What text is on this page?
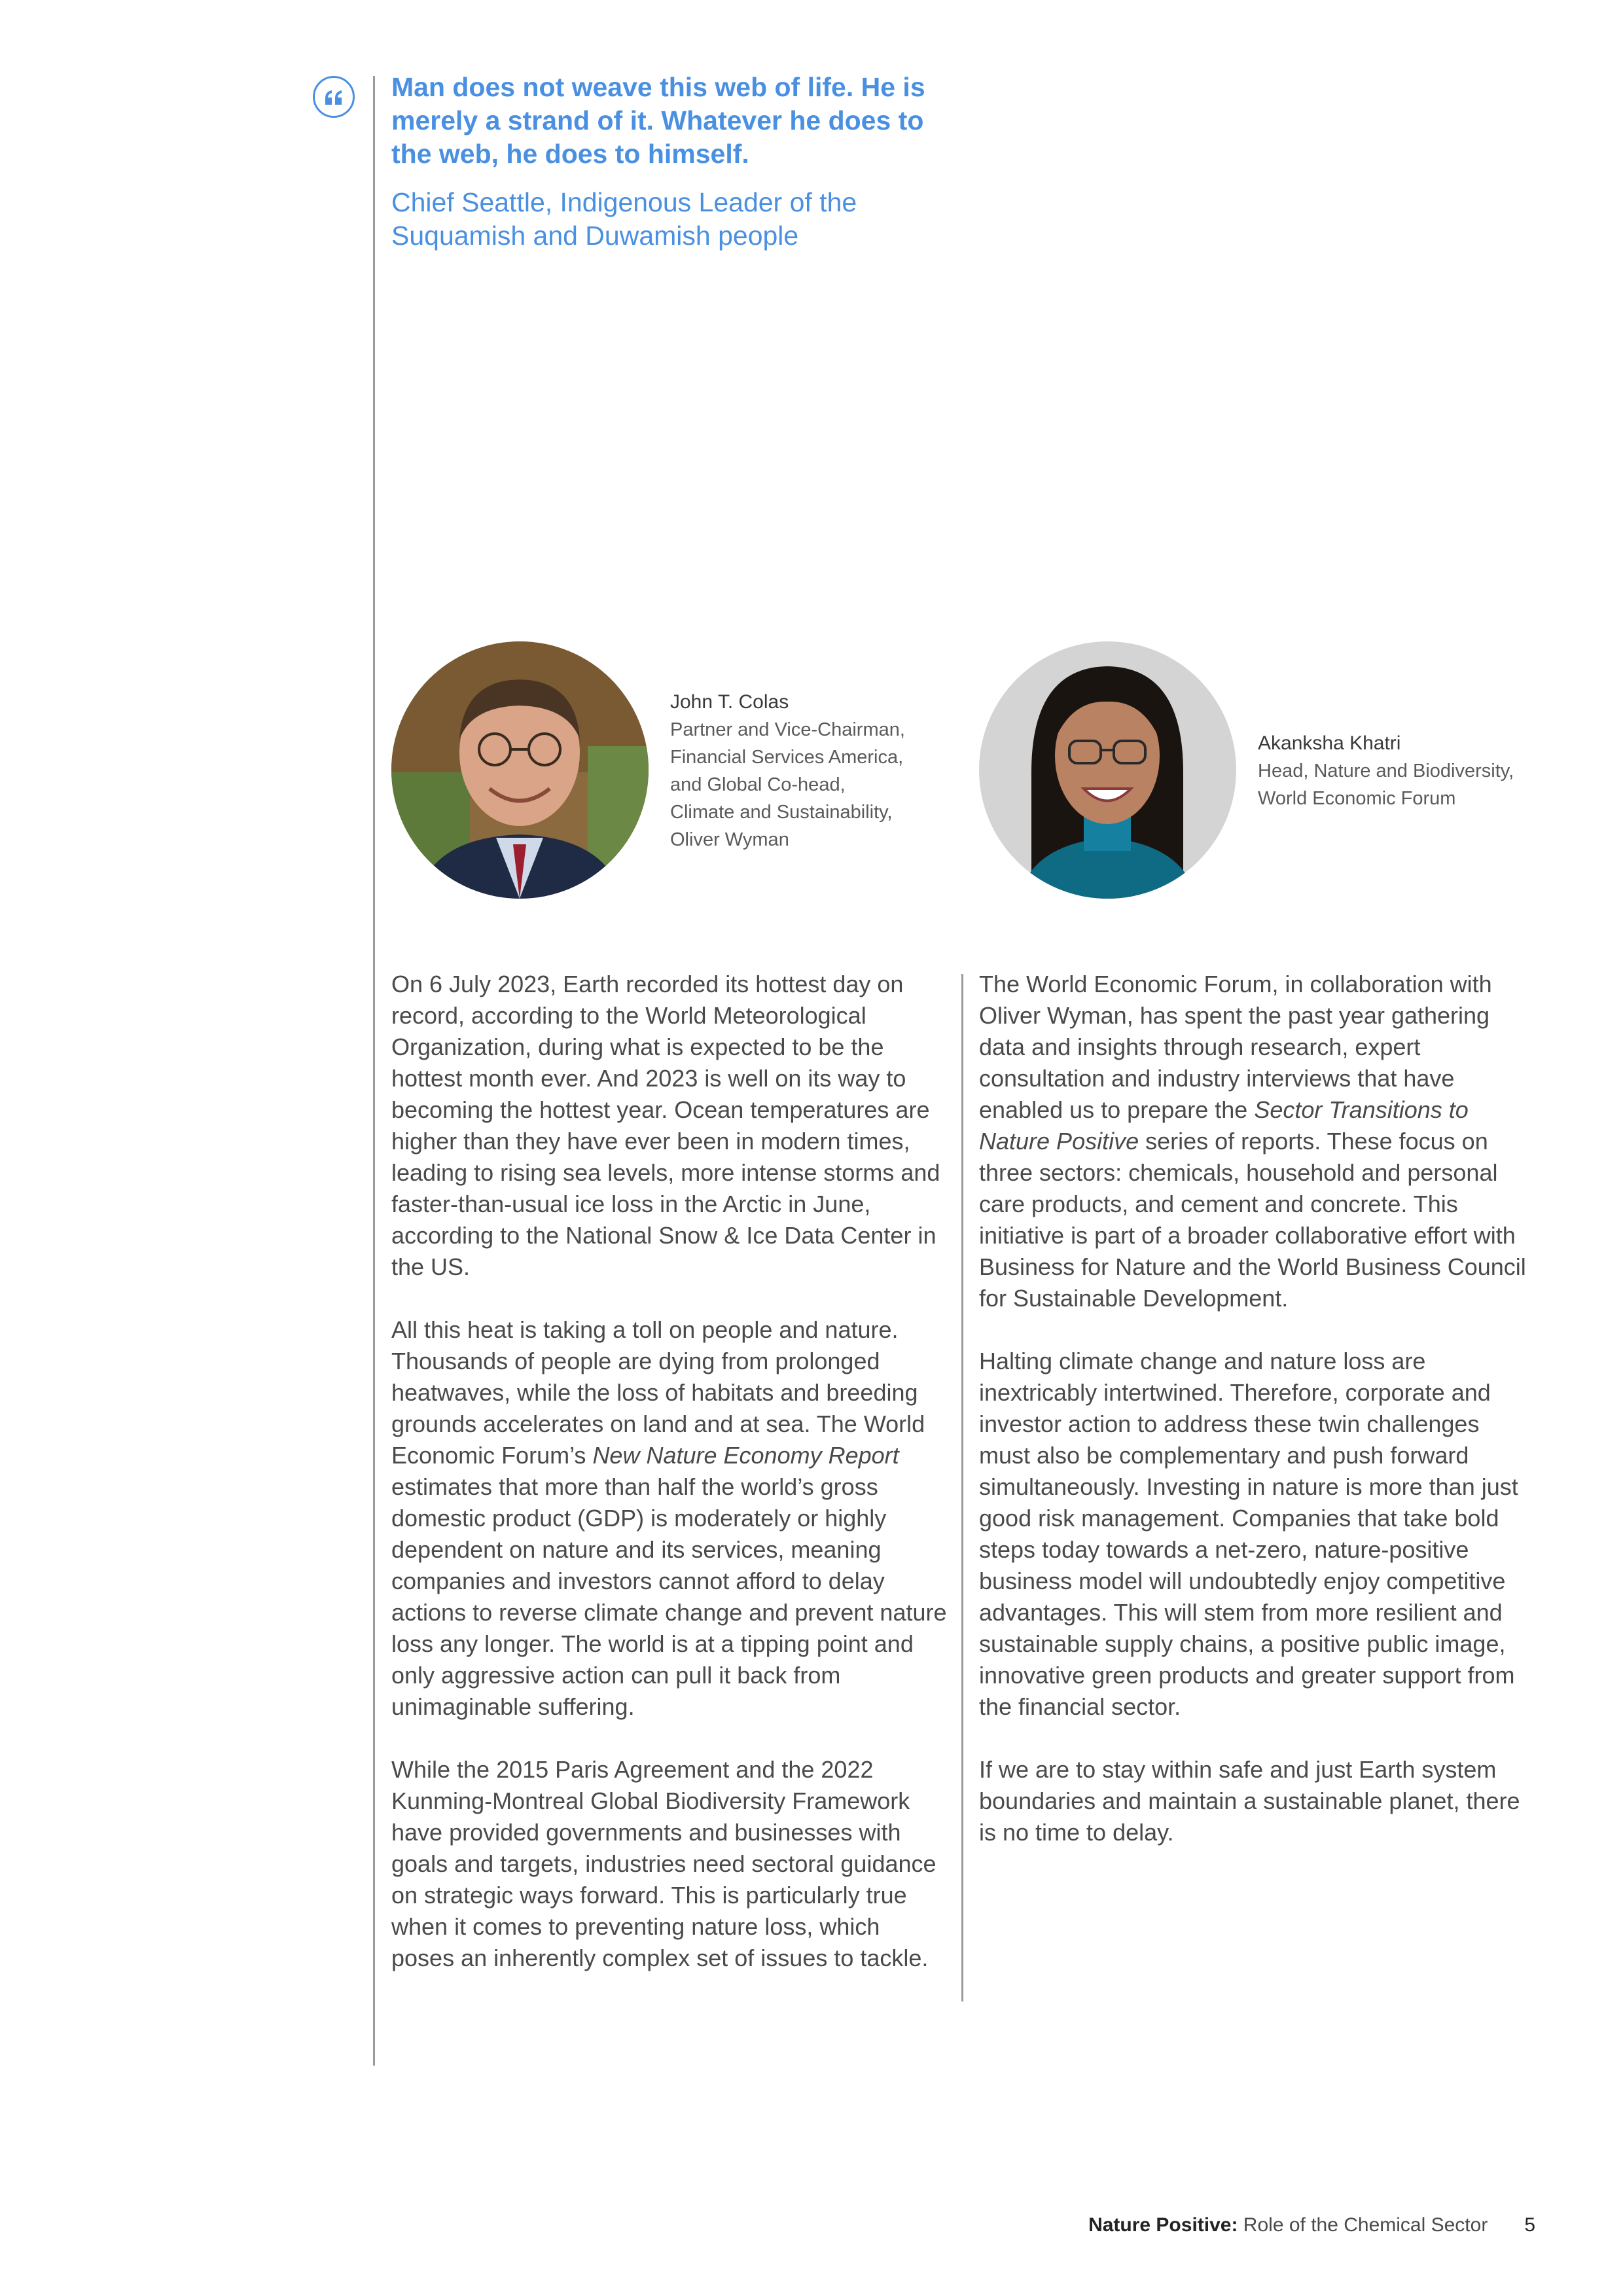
Man does not weave this web of life. He is merely a strand of it. Whatever he does to the web, he does to himself.

Chief Seattle, Indigenous Leader of the Suquamish and Duwamish people

John T. Colas
Partner and Vice-Chairman,
Financial Services America,
and Global Co-head,
Climate and Sustainability,
Oliver Wyman
Akanksha Khatri
Head, Nature and Biodiversity,
World Economic Forum

On 6 July 2023, Earth recorded its hottest day on record, according to the World Meteorological Organization, during what is expected to be the hottest month ever. And 2023 is well on its way to becoming the hottest year. Ocean temperatures are higher than they have ever been in modern times, leading to rising sea levels, more intense storms and faster-than-usual ice loss in the Arctic in June, according to the National Snow & Ice Data Center in the US.

All this heat is taking a toll on people and nature. Thousands of people are dying from prolonged heatwaves, while the loss of habitats and breeding grounds accelerates on land and at sea. The World Economic Forum’s New Nature Economy Report estimates that more than half the world’s gross domestic product (GDP) is moderately or highly dependent on nature and its services, meaning companies and investors cannot afford to delay actions to reverse climate change and prevent nature loss any longer. The world is at a tipping point and only aggressive action can pull it back from unimaginable suffering.

While the 2015 Paris Agreement and the 2022 Kunming-Montreal Global Biodiversity Framework have provided governments and businesses with goals and targets, industries need sectoral guidance on strategic ways forward. This is particularly true when it comes to preventing nature loss, which poses an inherently complex set of issues to tackle.

The World Economic Forum, in collaboration with Oliver Wyman, has spent the past year gathering data and insights through research, expert consultation and industry interviews that have enabled us to prepare the Sector Transitions to Nature Positive series of reports. These focus on three sectors: chemicals, household and personal care products, and cement and concrete. This initiative is part of a broader collaborative effort with Business for Nature and the World Business Council for Sustainable Development.

Halting climate change and nature loss are inextricably intertwined. Therefore, corporate and investor action to address these twin challenges must also be complementary and push forward simultaneously. Investing in nature is more than just good risk management. Companies that take bold steps today towards a net-zero, nature-positive business model will undoubtedly enjoy competitive advantages. This will stem from more resilient and sustainable supply chains, a positive public image, innovative green products and greater support from the financial sector.

If we are to stay within safe and just Earth system boundaries and maintain a sustainable planet, there is no time to delay.

Nature Positive: Role of the Chemical Sector 5
